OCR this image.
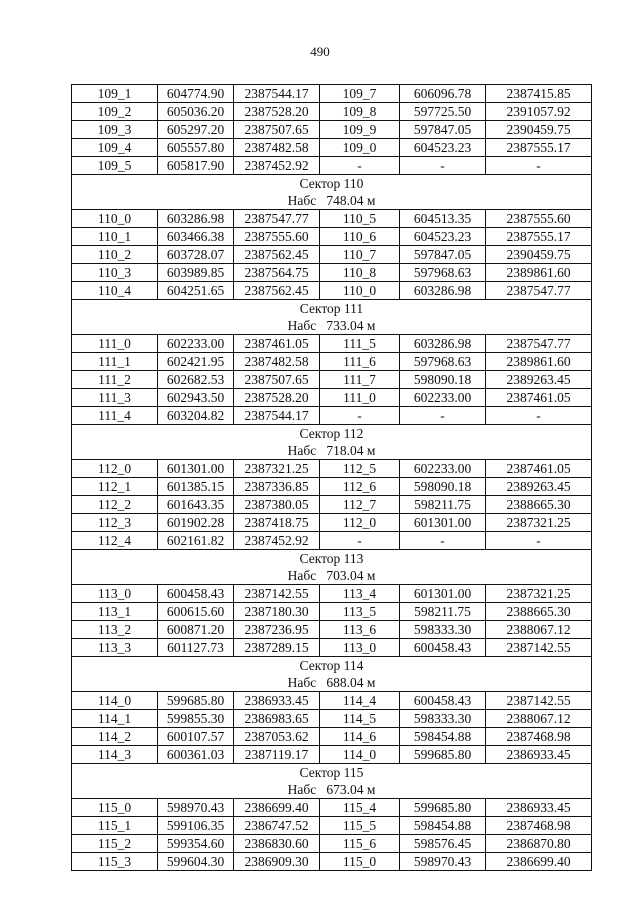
490
109_1	604774.90	2387544.17	109_7	606096.78	2387415.85
109_2	605036.20	2387528.20	109_8	597725.50	2391057.92
109_3	605297.20	2387507.65	109_9	597847.05	2390459.75
109_4	605557.80	2387482.58	109_0	604523.23	2387555.17
109_5	605817.90	2387452.92	-	-	-
Сектор 110					
Набс   748.04 м					
110_0	603286.98	2387547.77	110_5	604513.35	2387555.60
110_1	603466.38	2387555.60	110_6	604523.23	2387555.17
110_2	603728.07	2387562.45	110_7	597847.05	2390459.75
110_3	603989.85	2387564.75	110_8	597968.63	2389861.60
110_4	604251.65	2387562.45	110_0	603286.98	2387547.77
Сектор 111					
Набс   733.04 м					
111_0	602233.00	2387461.05	111_5	603286.98	2387547.77
111_1	602421.95	2387482.58	111_6	597968.63	2389861.60
111_2	602682.53	2387507.65	111_7	598090.18	2389263.45
111_3	602943.50	2387528.20	111_0	602233.00	2387461.05
111_4	603204.82	2387544.17	-	-	-
Сектор 112					
Набс   718.04 м					
112_0	601301.00	2387321.25	112_5	602233.00	2387461.05
112_1	601385.15	2387336.85	112_6	598090.18	2389263.45
112_2	601643.35	2387380.05	112_7	598211.75	2388665.30
112_3	601902.28	2387418.75	112_0	601301.00	2387321.25
112_4	602161.82	2387452.92	-	-	-
Сектор 113					
Набс   703.04 м					
113_0	600458.43	2387142.55	113_4	601301.00	2387321.25
113_1	600615.60	2387180.30	113_5	598211.75	2388665.30
113_2	600871.20	2387236.95	113_6	598333.30	2388067.12
113_3	601127.73	2387289.15	113_0	600458.43	2387142.55
Сектор 114					
Набс   688.04 м					
114_0	599685.80	2386933.45	114_4	600458.43	2387142.55
114_1	599855.30	2386983.65	114_5	598333.30	2388067.12
114_2	600107.57	2387053.62	114_6	598454.88	2387468.98
114_3	600361.03	2387119.17	114_0	599685.80	2386933.45
Сектор 115					
Набс   673.04 м					
115_0	598970.43	2386699.40	115_4	599685.80	2386933.45
115_1	599106.35	2386747.52	115_5	598454.88	2387468.98
115_2	599354.60	2386830.60	115_6	598576.45	2386870.80
115_3	599604.30	2386909.30	115_0	598970.43	2386699.40
